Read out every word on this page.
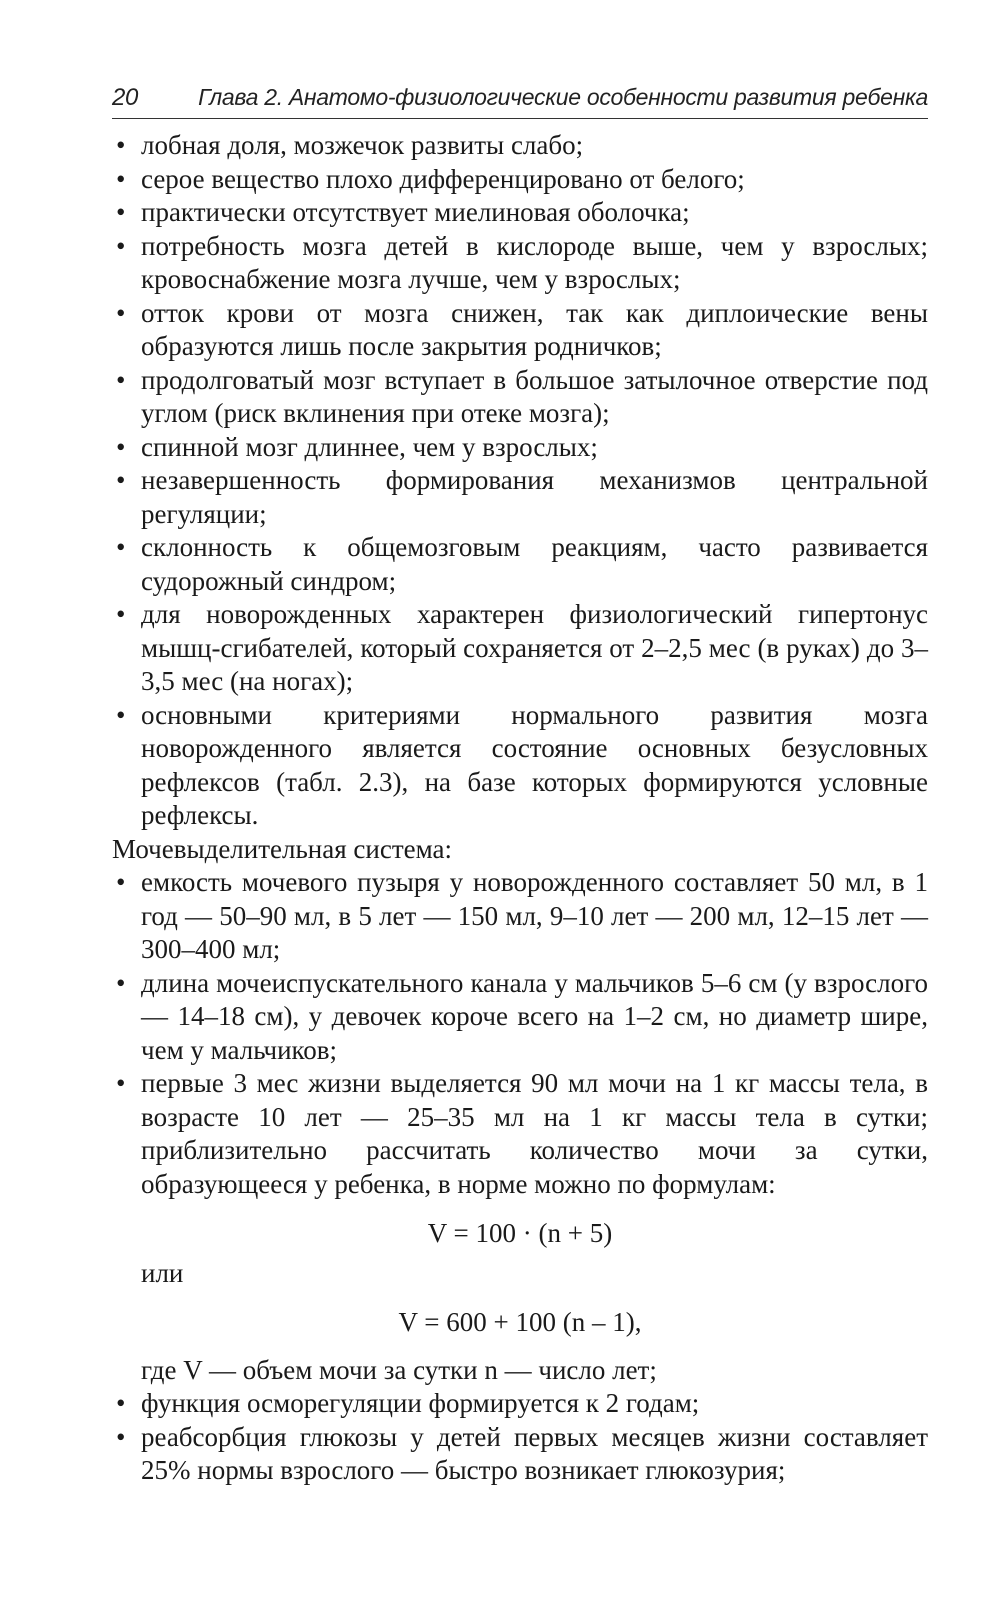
20	Глава 2. Анатомо-физиологические особенности развития ребенка
• лобная доля, мозжечок развиты слабо;
• серое вещество плохо дифференцировано от белого;
• практически отсутствует миелиновая оболочка;
• потребность мозга детей в кислороде выше, чем у взрослых; кровоснабжение мозга лучше, чем у взрослых;
• отток крови от мозга снижен, так как диплоические вены образуются лишь после закрытия родничков;
• продолговатый мозг вступает в большое затылочное отверстие под углом (риск вклинения при отеке мозга);
• спинной мозг длиннее, чем у взрослых;
• незавершенность формирования механизмов центральной регуляции;
• склонность к общемозговым реакциям, часто развивается судорожный синдром;
• для новорожденных характерен физиологический гипертонус мышц-сгибателей, который сохраняется от 2–2,5 мес (в руках) до 3–3,5 мес (на ногах);
• основными критериями нормального развития мозга новорожденного является состояние основных безусловных рефлексов (табл. 2.3), на базе которых формируются условные рефлексы.

Мочевыделительная система:

• емкость мочевого пузыря у новорожденного составляет 50 мл, в 1 год — 50–90 мл, в 5 лет — 150 мл, 9–10 лет — 200 мл, 12–15 лет — 300–400 мл;
• длина мочеиспускательного канала у мальчиков 5–6 см (у взрослого — 14–18 см), у девочек короче всего на 1–2 см, но диаметр шире, чем у мальчиков;
• первые 3 мес жизни выделяется 90 мл мочи на 1 кг массы тела, в возрасте 10 лет — 25–35 мл на 1 кг массы тела в сутки; приблизительно рассчитать количество мочи за сутки, образующееся у ребенка, в норме можно по формулам:
V = 100 · (n + 5)

или

V = 600 + 100 (n – 1),

где V — объем мочи за сутки n — число лет;

• функция осморегуляции формируется к 2 годам;
• реабсорбция глюкозы у детей первых месяцев жизни составляет 25% нормы взрослого — быстро возникает глюкозурия;
